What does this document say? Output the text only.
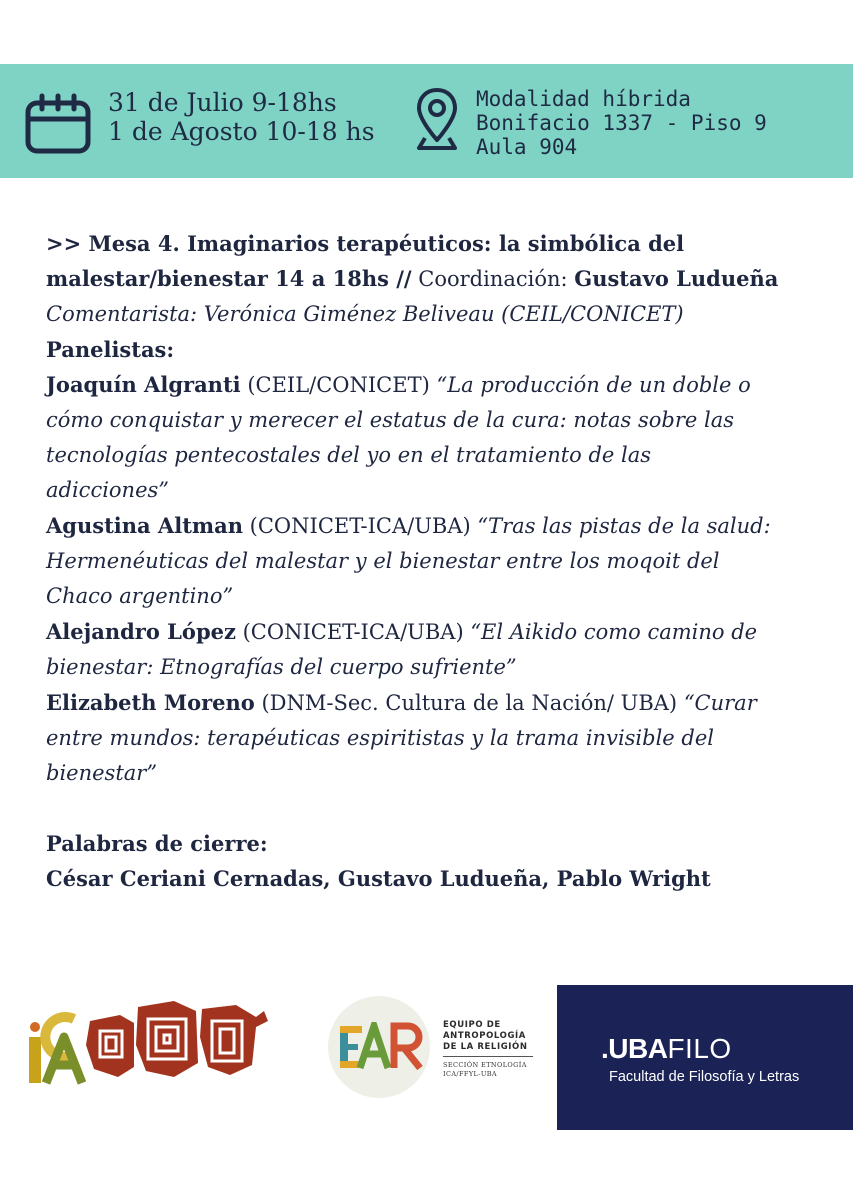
31 de Julio 9-18hs
1 de Agosto 10-18 hs
Modalidad híbrida
Bonifacio 1337 - Piso 9
Aula 904

>> Mesa 4. Imaginarios terapéuticos: la simbólica del

malestar/bienestar 14 a 18hs // Coordinación: Gustavo Ludueña

Comentarista: Verónica Giménez Beliveau (CEIL/CONICET)

Panelistas:

Joaquín Algranti (CEIL/CONICET) “La producción de un doble o

cómo conquistar y merecer el estatus de la cura: notas sobre las

tecnologías pentecostales del yo en el tratamiento de las

adicciones”

Agustina Altman (CONICET-ICA/UBA) “Tras las pistas de la salud:

Hermenéuticas del malestar y el bienestar entre los moqoit del

Chaco argentino”

Alejandro López (CONICET-ICA/UBA) “El Aikido como camino de

bienestar: Etnografías del cuerpo sufriente”

Elizabeth Moreno (DNM-Sec. Cultura de la Nación/ UBA) “Curar

entre mundos: terapéuticas espiritistas y la trama invisible del

bienestar”

Palabras de cierre:

César Ceriani Cernadas, Gustavo Ludueña, Pablo Wright

EQUIPO DE
ANTROPOLOGÍA
DE LA RELIGIÓN
SECCIÓN ETNOLOGÍA
ICA/FFYL-UBA
.UBAFILO
Facultad de Filosofía y Letras
